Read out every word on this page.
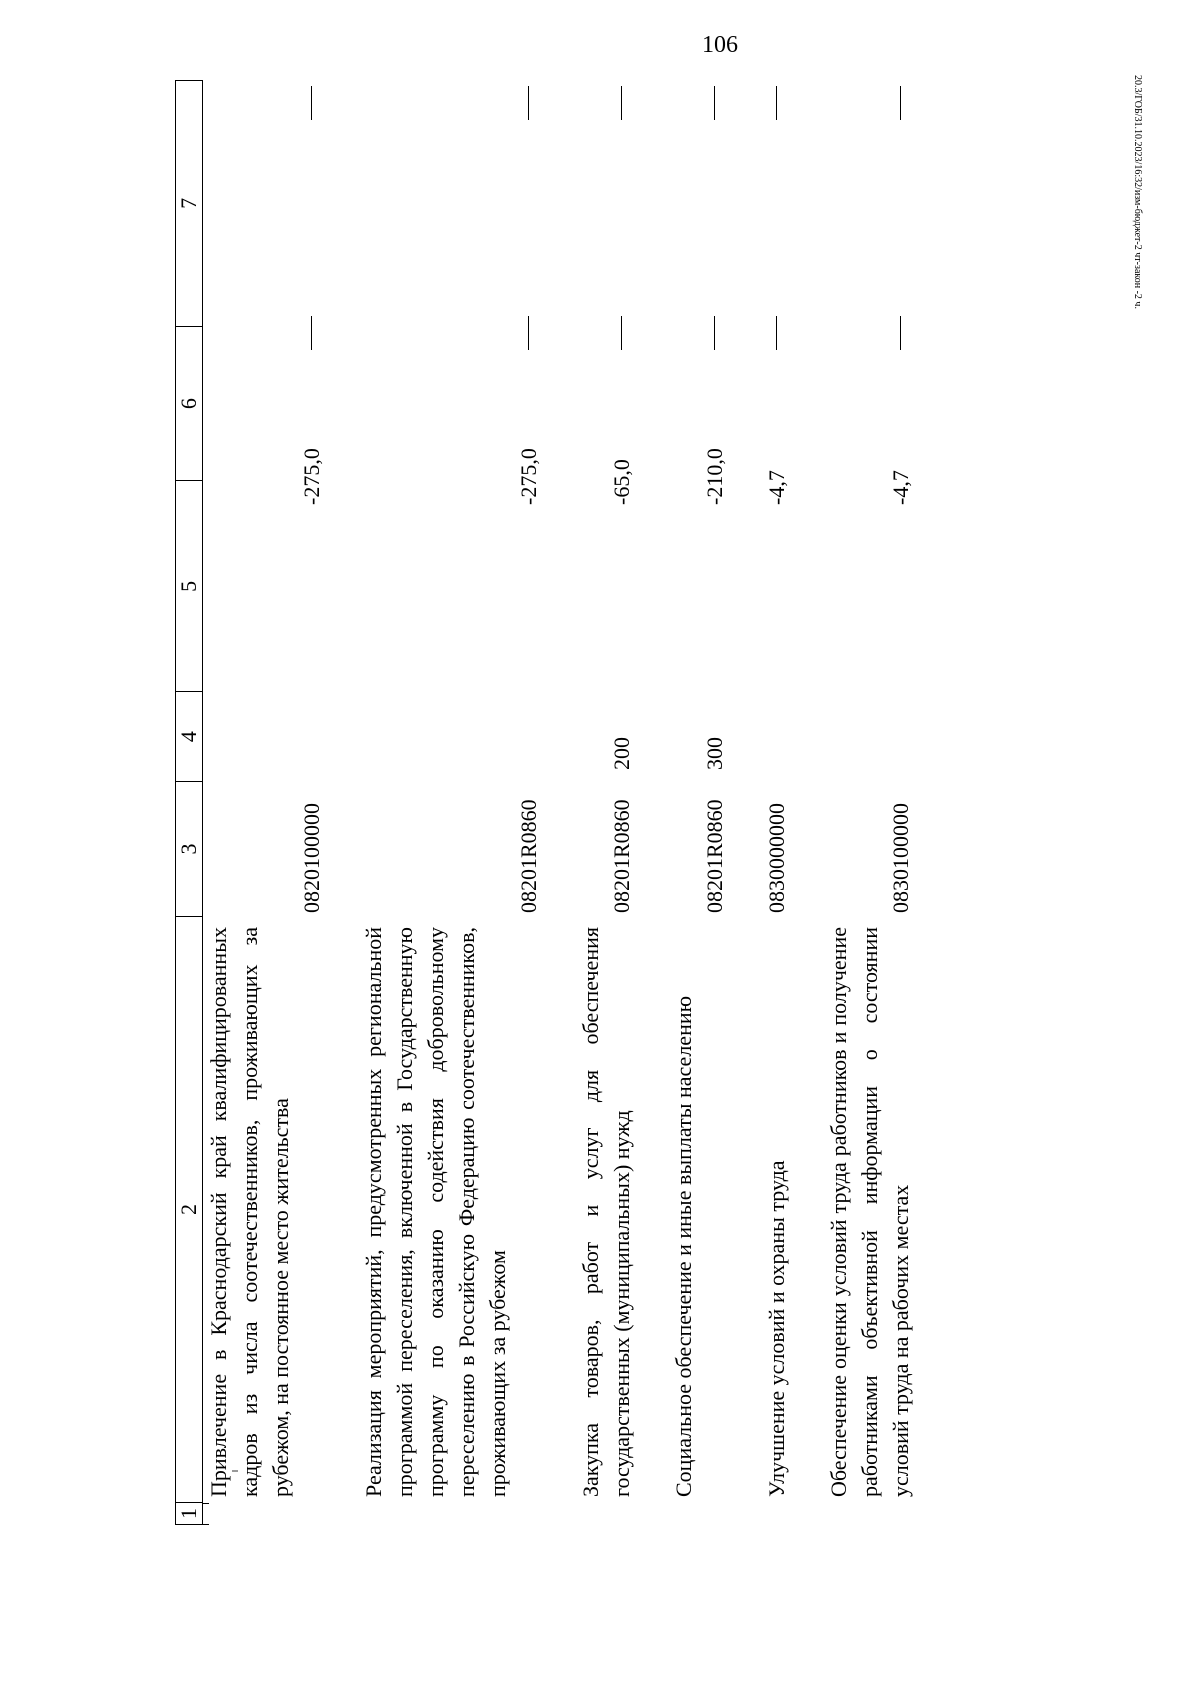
106
20.3/ГОБ/31.10.2023/16:32/изм-бюджет-2 чт-закон -2 ч.
1
2
3
4
5
6
7
Привлечение в Краснодарский край квалифицированных кадров из числа соотечественников, проживающих за рубежом, на постоянное место жительства
0820100000
-275,0
Реализация мероприятий, предусмотренных региональной программой переселения, включенной в Государственную программу по оказанию содействия добровольному переселению в Российскую Федерацию соотечественников, проживающих за рубежом
08201R0860
-275,0
Закупка товаров, работ и услуг для обеспечения государственных (муниципальных) нужд
08201R0860
200
-65,0
Социальное обеспечение и иные выплаты населению
08201R0860
300
-210,0
Улучшение условий и охраны труда
0830000000
-4,7
Обеспечение оценки условий труда работников и получение работниками объективной информации о состоянии условий труда на рабочих местах
0830100000
-4,7
